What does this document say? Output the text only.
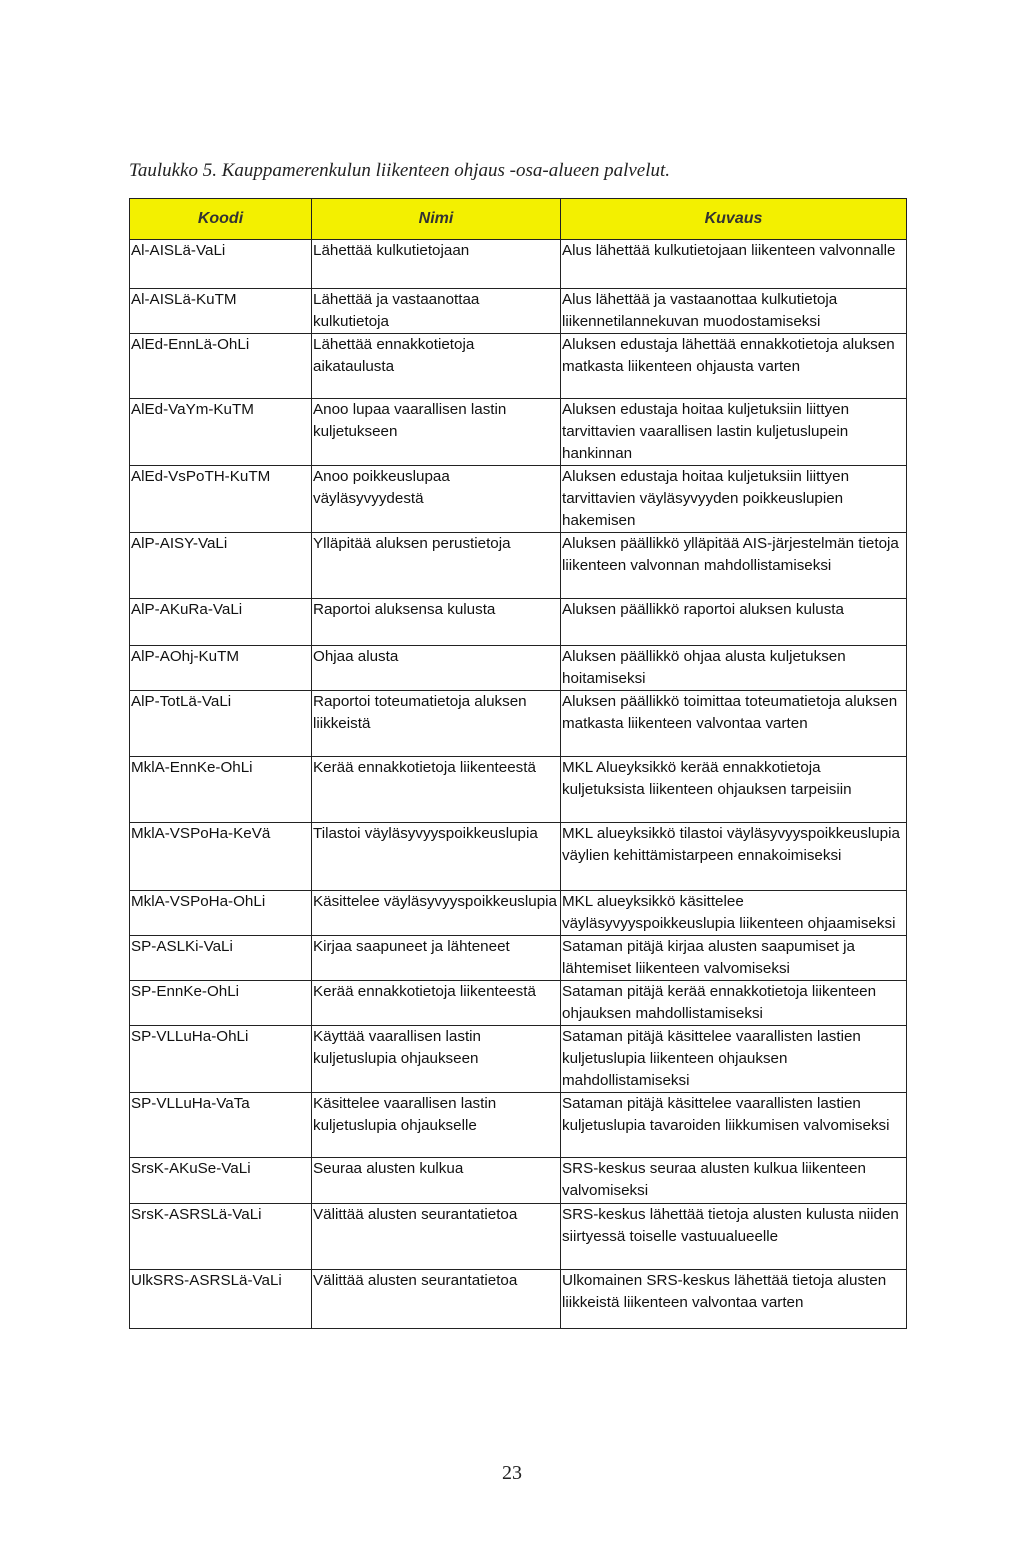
Taulukko 5. Kauppamerenkulun liikenteen ohjaus -osa-alueen palvelut.
Koodi	Nimi	Kuvaus
Al-AISLä-VaLi	Lähettää kulkutietojaan	Alus lähettää kulkutietojaan liikenteen valvonnalle
Al-AISLä-KuTM	Lähettää ja vastaanottaa kulkutietoja	Alus lähettää ja vastaanottaa kulkutietoja liikennetilannekuvan muodostamiseksi
AlEd-EnnLä-OhLi	Lähettää ennakkotietoja aikataulusta	Aluksen edustaja lähettää ennakkotietoja aluksen matkasta liikenteen ohjausta varten
AlEd-VaYm-KuTM	Anoo lupaa vaarallisen lastin kuljetukseen	Aluksen edustaja hoitaa kuljetuksiin liittyen tarvittavien vaarallisen lastin kuljetuslupein hankinnan
AlEd-VsPoTH-KuTM	Anoo poikkeuslupaa väyläsyvyydestä	Aluksen edustaja hoitaa kuljetuksiin liittyen tarvittavien väyläsyvyyden poikkeuslupien hakemisen
AlP-AISY-VaLi	Ylläpitää aluksen perustietoja	Aluksen päällikkö ylläpitää AIS-järjestelmän tietoja liikenteen valvonnan mahdollistamiseksi
AlP-AKuRa-VaLi	Raportoi aluksensa kulusta	Aluksen päällikkö raportoi aluksen kulusta
AlP-AOhj-KuTM	Ohjaa alusta	Aluksen päällikkö ohjaa alusta kuljetuksen hoitamiseksi
AlP-TotLä-VaLi	Raportoi toteumatietoja aluksen liikkeistä	Aluksen päällikkö toimittaa toteumatietoja aluksen matkasta liikenteen valvontaa varten
MklA-EnnKe-OhLi	Kerää ennakkotietoja liikenteestä	MKL Alueyksikkö kerää ennakkotietoja kuljetuksista liikenteen ohjauksen tarpeisiin
MklA-VSPoHa-KeVä	Tilastoi väyläsyvyyspoikkeuslupia	MKL alueyksikkö tilastoi väyläsyvyyspoikkeuslupia väylien kehittämistarpeen ennakoimiseksi
MklA-VSPoHa-OhLi	Käsittelee väyläsyvyyspoikkeuslupia	MKL alueyksikkö käsittelee väyläsyvyyspoikkeuslupia liikenteen ohjaamiseksi
SP-ASLKi-VaLi	Kirjaa saapuneet ja lähteneet	Sataman pitäjä kirjaa alusten saapumiset ja lähtemiset liikenteen valvomiseksi
SP-EnnKe-OhLi	Kerää ennakkotietoja liikenteestä	Sataman pitäjä kerää ennakkotietoja liikenteen ohjauksen mahdollistamiseksi
SP-VLLuHa-OhLi	Käyttää vaarallisen lastin kuljetuslupia ohjaukseen	Sataman pitäjä käsittelee vaarallisten lastien kuljetuslupia liikenteen ohjauksen mahdollistamiseksi
SP-VLLuHa-VaTa	Käsittelee vaarallisen lastin kuljetuslupia ohjaukselle	Sataman pitäjä käsittelee vaarallisten lastien kuljetuslupia tavaroiden liikkumisen valvomiseksi
SrsK-AKuSe-VaLi	Seuraa alusten kulkua	SRS-keskus seuraa alusten kulkua liikenteen valvomiseksi
SrsK-ASRSLä-VaLi	Välittää alusten seurantatietoa	SRS-keskus lähettää tietoja alusten kulusta niiden siirtyessä toiselle vastuualueelle
UlkSRS-ASRSLä-VaLi	Välittää alusten seurantatietoa	Ulkomainen SRS-keskus lähettää tietoja alusten liikkeistä liikenteen valvontaa varten
23
